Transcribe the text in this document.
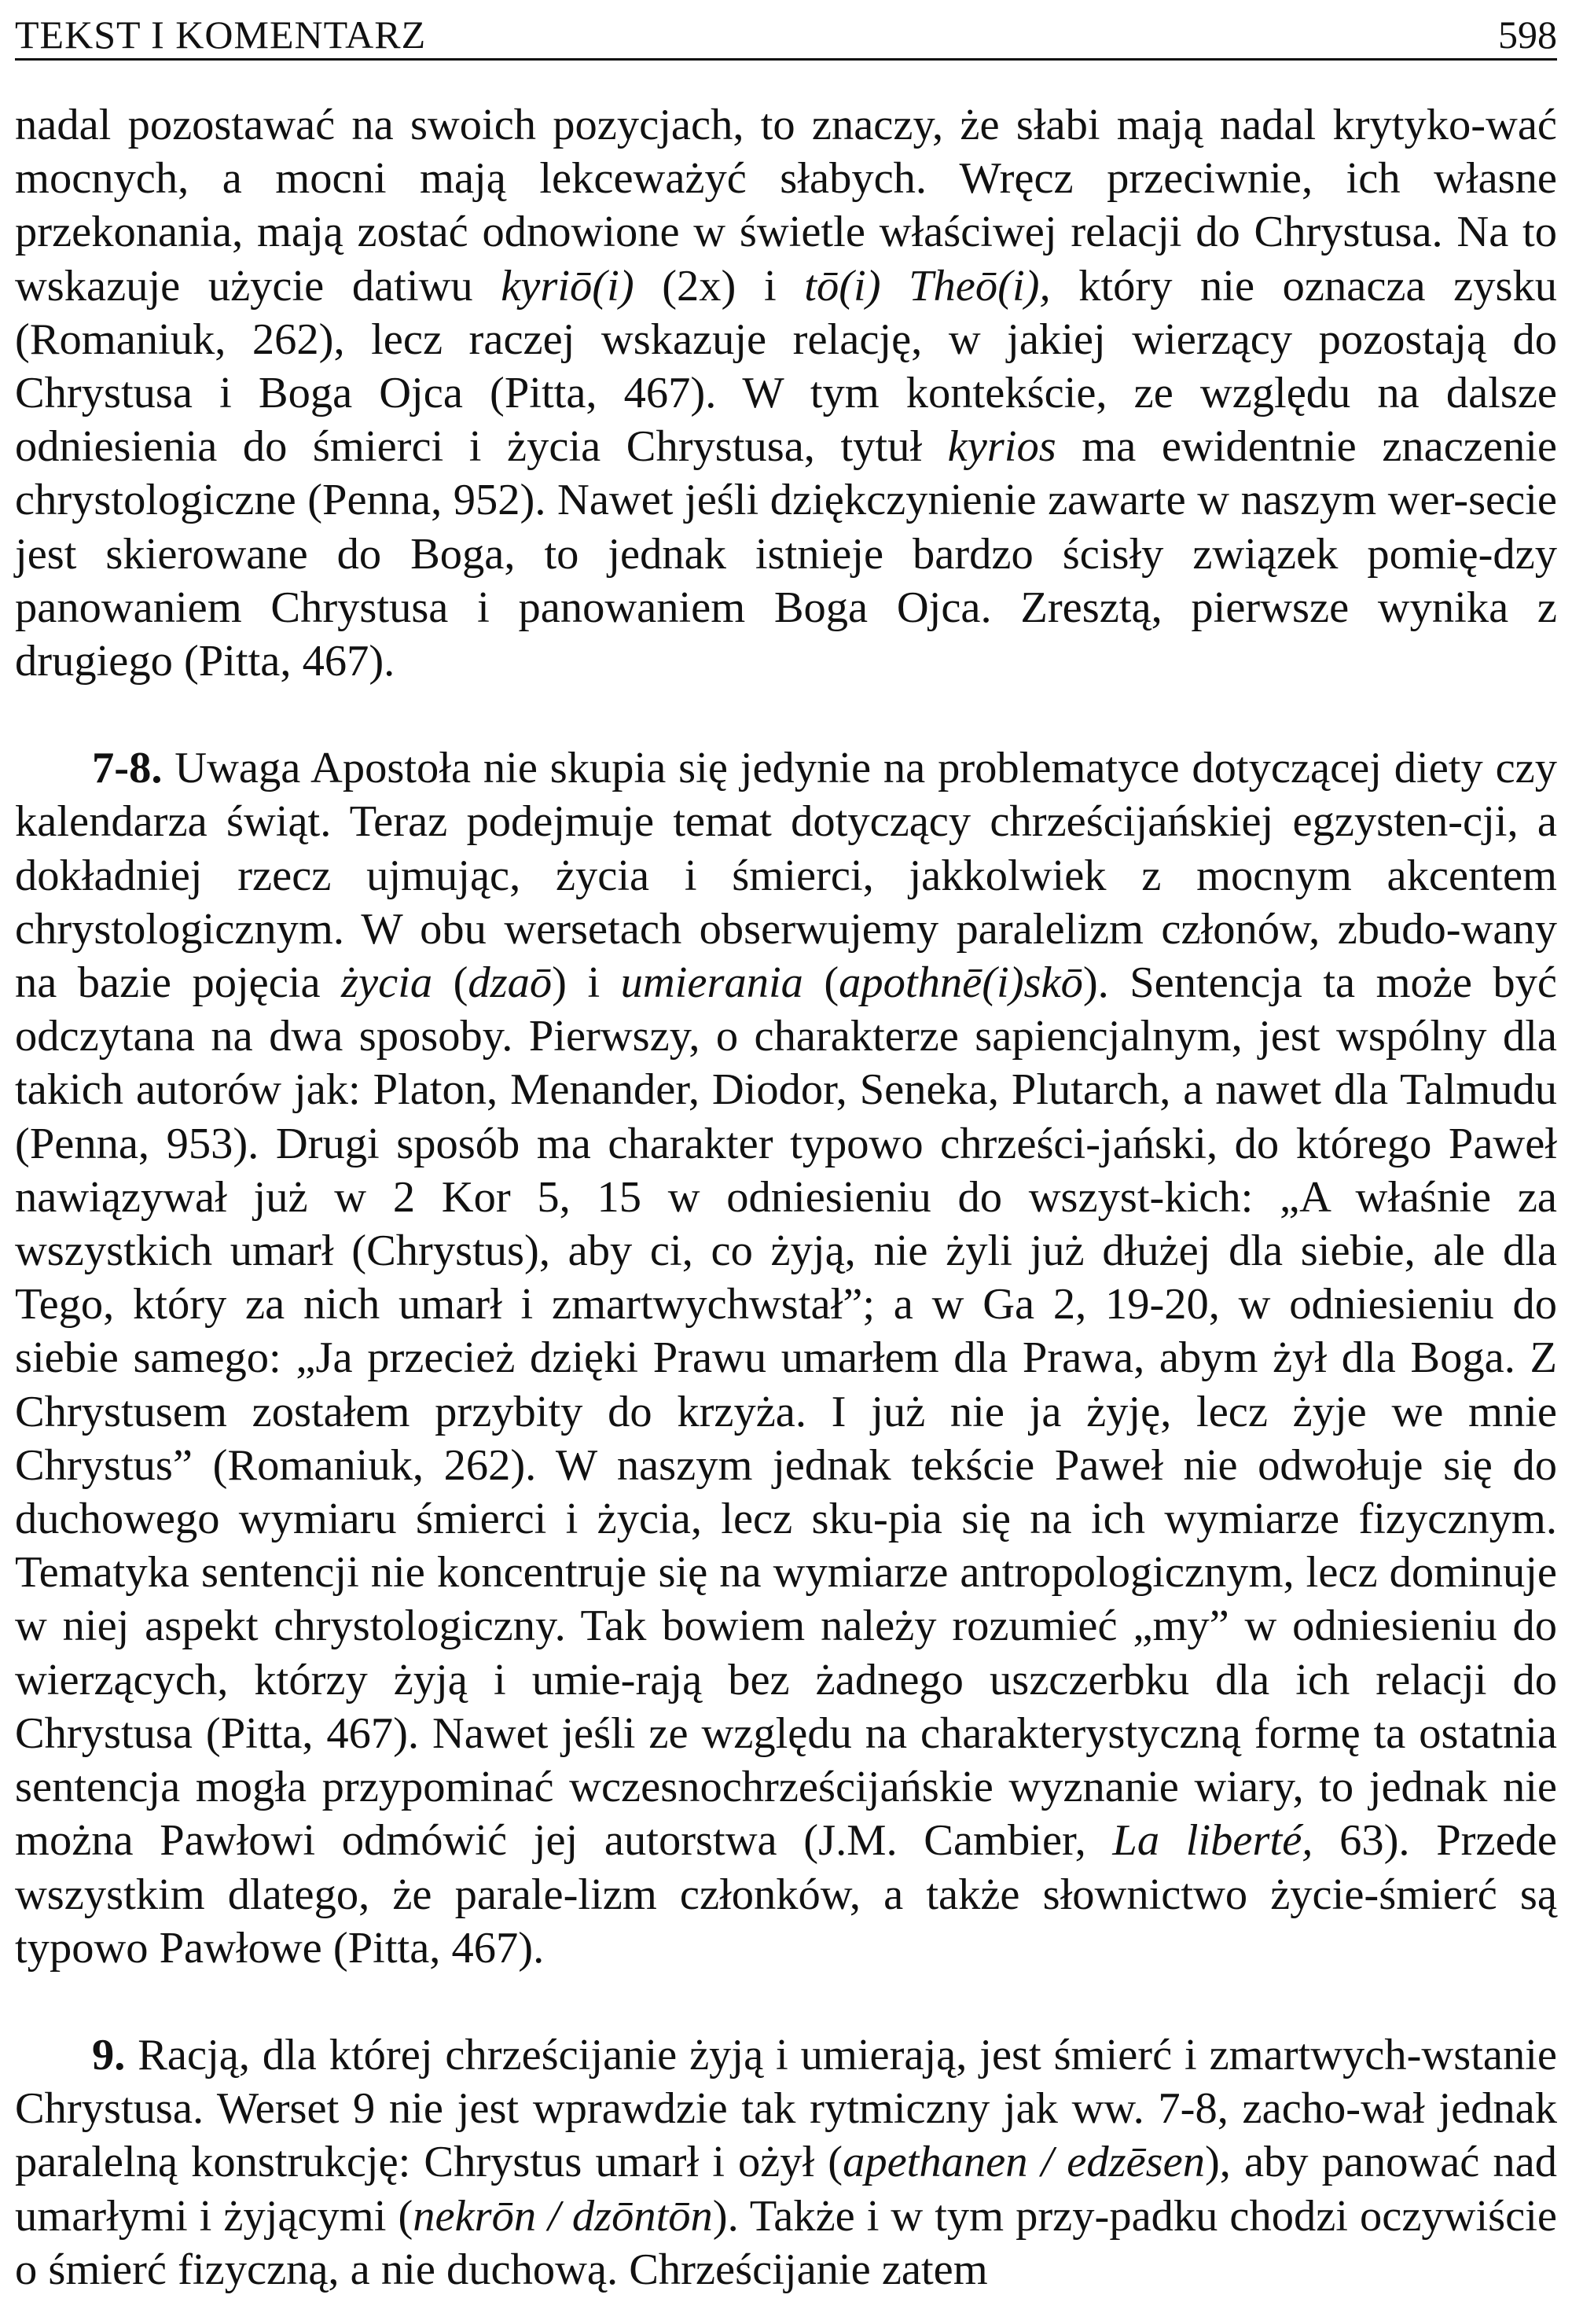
TEKST I KOMENTARZ	598

nadal pozostawać na swoich pozycjach, to znaczy, że słabi mają nadal krytyko-wać mocnych, a mocni mają lekceważyć słabych. Wręcz przeciwnie, ich własne przekonania, mają zostać odnowione w świetle właściwej relacji do Chrystusa. Na to wskazuje użycie datiwu kyriō(i) (2x) i tō(i) Theō(i), który nie oznacza zysku (Romaniuk, 262), lecz raczej wskazuje relację, w jakiej wierzący pozostają do Chrystusa i Boga Ojca (Pitta, 467). W tym kontekście, ze względu na dalsze odniesienia do śmierci i życia Chrystusa, tytuł kyrios ma ewidentnie znaczenie chrystologiczne (Penna, 952). Nawet jeśli dziękczynienie zawarte w naszym wer-secie jest skierowane do Boga, to jednak istnieje bardzo ścisły związek pomię-dzy panowaniem Chrystusa i panowaniem Boga Ojca. Zresztą, pierwsze wynika z drugiego (Pitta, 467).

7-8. Uwaga Apostoła nie skupia się jedynie na problematyce dotyczącej diety czy kalendarza świąt. Teraz podejmuje temat dotyczący chrześcijańskiej egzysten-cji, a dokładniej rzecz ujmując, życia i śmierci, jakkolwiek z mocnym akcentem chrystologicznym. W obu wersetach obserwujemy paralelizm członów, zbudo-wany na bazie pojęcia życia (dzaō) i umierania (apothnē(i)skō). Sentencja ta może być odczytana na dwa sposoby. Pierwszy, o charakterze sapiencjalnym, jest wspólny dla takich autorów jak: Platon, Menander, Diodor, Seneka, Plutarch, a nawet dla Talmudu (Penna, 953). Drugi sposób ma charakter typowo chrześci-jański, do którego Paweł nawiązywał już w 2 Kor 5, 15 w odniesieniu do wszyst-kich: „A właśnie za wszystkich umarł (Chrystus), aby ci, co żyją, nie żyli już dłużej dla siebie, ale dla Tego, który za nich umarł i zmartwychwstał”; a w Ga 2, 19-20, w odniesieniu do siebie samego: „Ja przecież dzięki Prawu umarłem dla Prawa, abym żył dla Boga. Z Chrystusem zostałem przybity do krzyża. I już nie ja żyję, lecz żyje we mnie Chrystus” (Romaniuk, 262). W naszym jednak tekście Paweł nie odwołuje się do duchowego wymiaru śmierci i życia, lecz sku-pia się na ich wymiarze fizycznym. Tematyka sentencji nie koncentruje się na wymiarze antropologicznym, lecz dominuje w niej aspekt chrystologiczny. Tak bowiem należy rozumieć „my” w odniesieniu do wierzących, którzy żyją i umie-rają bez żadnego uszczerbku dla ich relacji do Chrystusa (Pitta, 467). Nawet jeśli ze względu na charakterystyczną formę ta ostatnia sentencja mogła przypominać wczesnochrześcijańskie wyznanie wiary, to jednak nie można Pawłowi odmówić jej autorstwa (J.M. Cambier, La liberté, 63). Przede wszystkim dlatego, że parale-lizm członków, a także słownictwo życie-śmierć są typowo Pawłowe (Pitta, 467).

9. Racją, dla której chrześcijanie żyją i umierają, jest śmierć i zmartwych-wstanie Chrystusa. Werset 9 nie jest wprawdzie tak rytmiczny jak ww. 7-8, zacho-wał jednak paralelną konstrukcję: Chrystus umarł i ożył (apethanen / edzēsen), aby panować nad umarłymi i żyjącymi (nekrōn / dzōntōn). Także i w tym przy-padku chodzi oczywiście o śmierć fizyczną, a nie duchową. Chrześcijanie zatem
